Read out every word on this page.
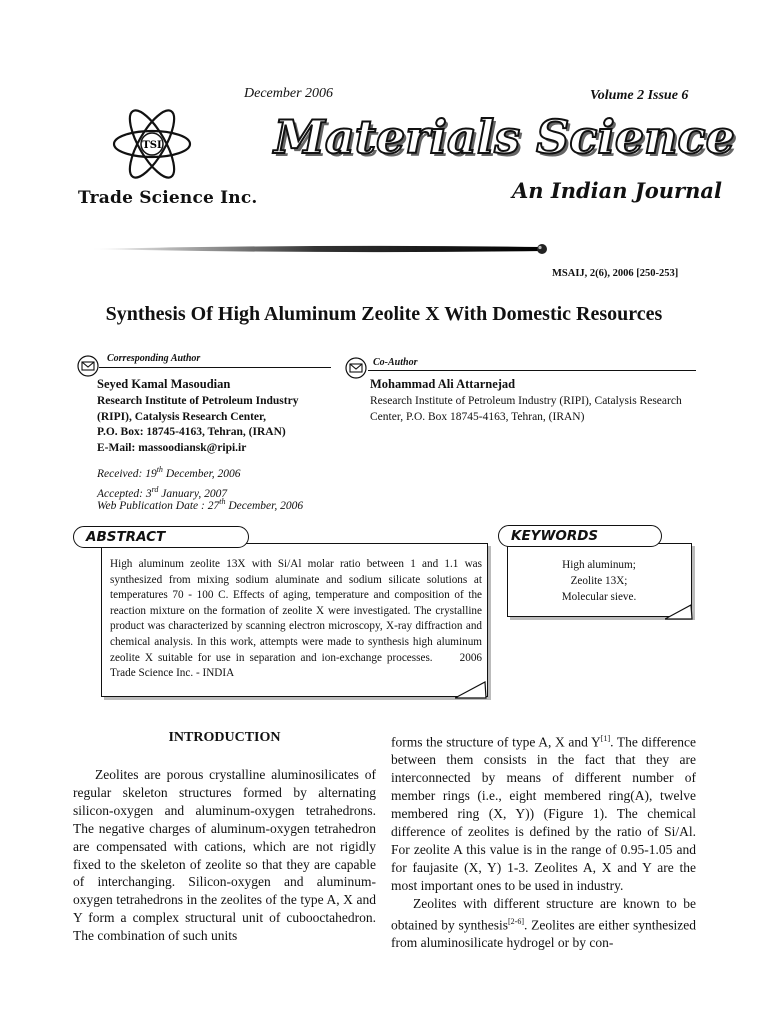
December 2006	Volume 2 Issue 6
TSI
Trade Science Inc.
Materials Science
An Indian Journal
MSAIJ, 2(6), 2006 [250-253]
Synthesis Of High Aluminum Zeolite X With Domestic Resources
Corresponding Author
Seyed Kamal Masoudian
Research Institute of Petroleum Industry
(RIPI), Catalysis Research Center,
P.O. Box: 18745-4163, Tehran, (IRAN)
E-Mail: massoodiansk@ripi.ir
Co-Author
Mohammad Ali Attarnejad
Research Institute of Petroleum Industry (RIPI), Catalysis Research Center, P.O. Box 18745-4163, Tehran, (IRAN)
Received: 19th December, 2006
Accepted: 3rd January, 2007
Web Publication Date : 27th December, 2006
ABSTRACT
High aluminum zeolite 13X with Si/Al molar ratio between 1 and 1.1 was synthesized from mixing sodium aluminate and sodium silicate solutions at temperatures 70 - 100 C. Effects of aging, temperature and composition of the reaction mixture on the formation of zeolite X were investigated. The crystalline product was characterized by scanning electron microscopy, X-ray diffraction and chemical analysis. In this work, attempts were made to synthesis high aluminum zeolite X suitable for use in separation and ion-exchange processes. 2006 Trade Science Inc. - INDIA
KEYWORDS
High aluminum;
Zeolite 13X;
Molecular sieve.
INTRODUCTION

Zeolites are porous crystalline aluminosilicates of regular skeleton structures formed by alternating silicon-oxygen and aluminum-oxygen tetrahedrons. The negative charges of aluminum-oxygen tetrahedron are compensated with cations, which are not rigidly fixed to the skeleton of zeolite so that they are capable of interchanging. Silicon-oxygen and aluminum-oxygen tetrahedrons in the zeolites of the type A, X and Y form a complex structural unit of cubooctahedron. The combination of such units

forms the structure of type A, X and Y[1]. The difference between them consists in the fact that they are interconnected by means of different number of member rings (i.e., eight membered ring(A), twelve membered ring (X, Y)) (Figure 1). The chemical difference of zeolites is defined by the ratio of Si/Al. For zeolite A this value is in the range of 0.95-1.05 and for faujasite (X, Y) 1-3. Zeolites A, X and Y are the most important ones to be used in industry.

Zeolites with different structure are known to be obtained by synthesis[2-6]. Zeolites are either synthesized from aluminosilicate hydrogel or by con-
